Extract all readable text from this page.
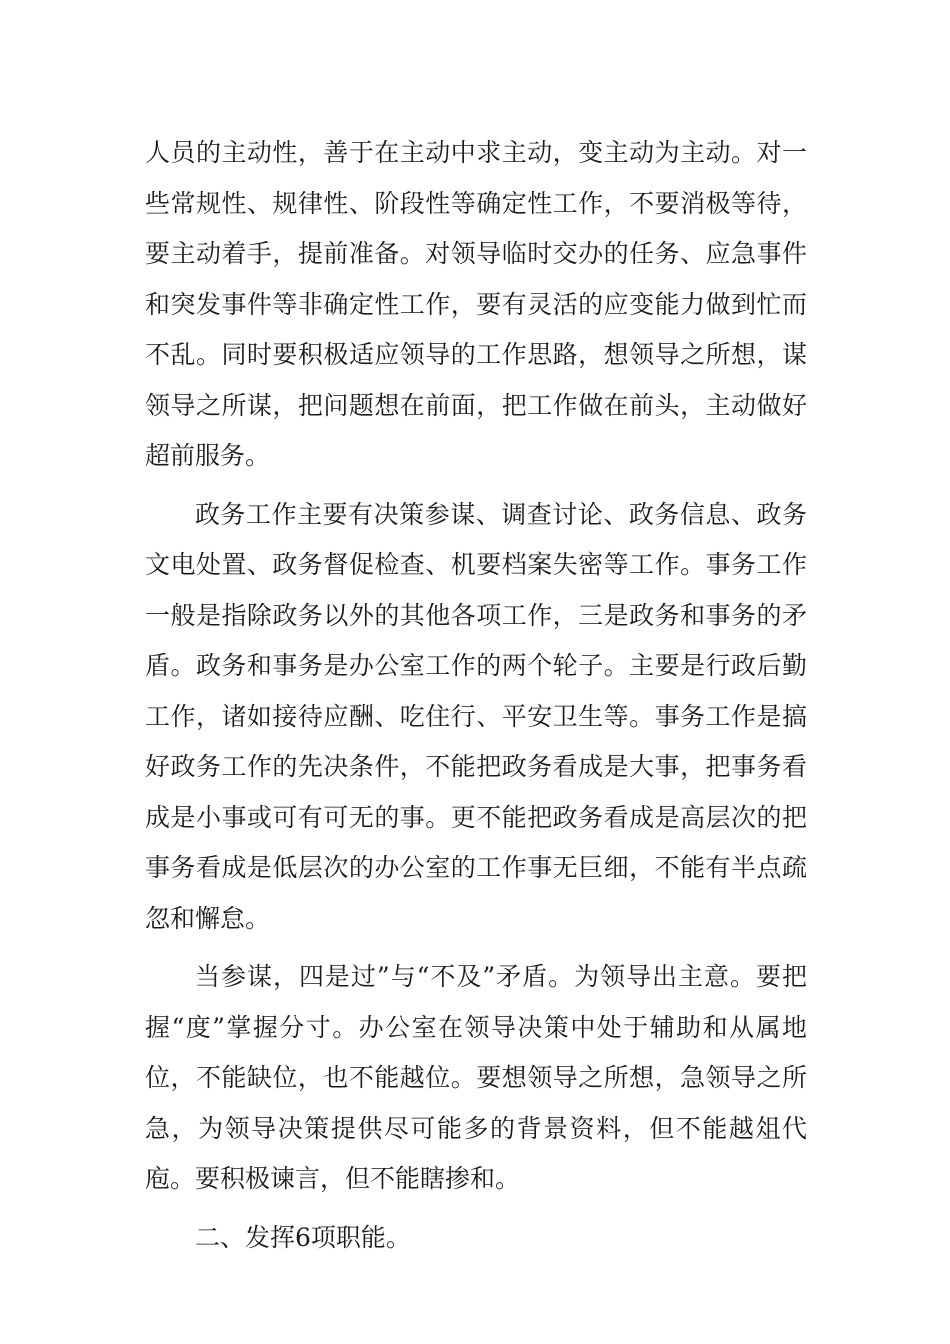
人员的主动性，善于在主动中求主动，变主动为主动。对一些常规性、规律性、阶段性等确定性工作，不要消极等待，要主动着手，提前准备。对领导临时交办的任务、应急事件和突发事件等非确定性工作，要有灵活的应变能力做到忙而不乱。同时要积极适应领导的工作思路，想领导之所想，谋领导之所谋，把问题想在前面，把工作做在前头，主动做好超前服务。

政务工作主要有决策参谋、调查讨论、政务信息、政务文电处置、政务督促检查、机要档案失密等工作。事务工作一般是指除政务以外的其他各项工作，三是政务和事务的矛盾。政务和事务是办公室工作的两个轮子。主要是行政后勤工作，诸如接待应酬、吃住行、平安卫生等。事务工作是搞好政务工作的先决条件，不能把政务看成是大事，把事务看成是小事或可有可无的事。更不能把政务看成是高层次的把事务看成是低层次的办公室的工作事无巨细，不能有半点疏忽和懈怠。

当参谋，四是过”与“不及”矛盾。为领导出主意。要把握“度”掌握分寸。办公室在领导决策中处于辅助和从属地位，不能缺位，也不能越位。要想领导之所想，急领导之所急，为领导决策提供尽可能多的背景资料，但不能越俎代庖。要积极谏言，但不能瞎掺和。

二、发挥6项职能。
